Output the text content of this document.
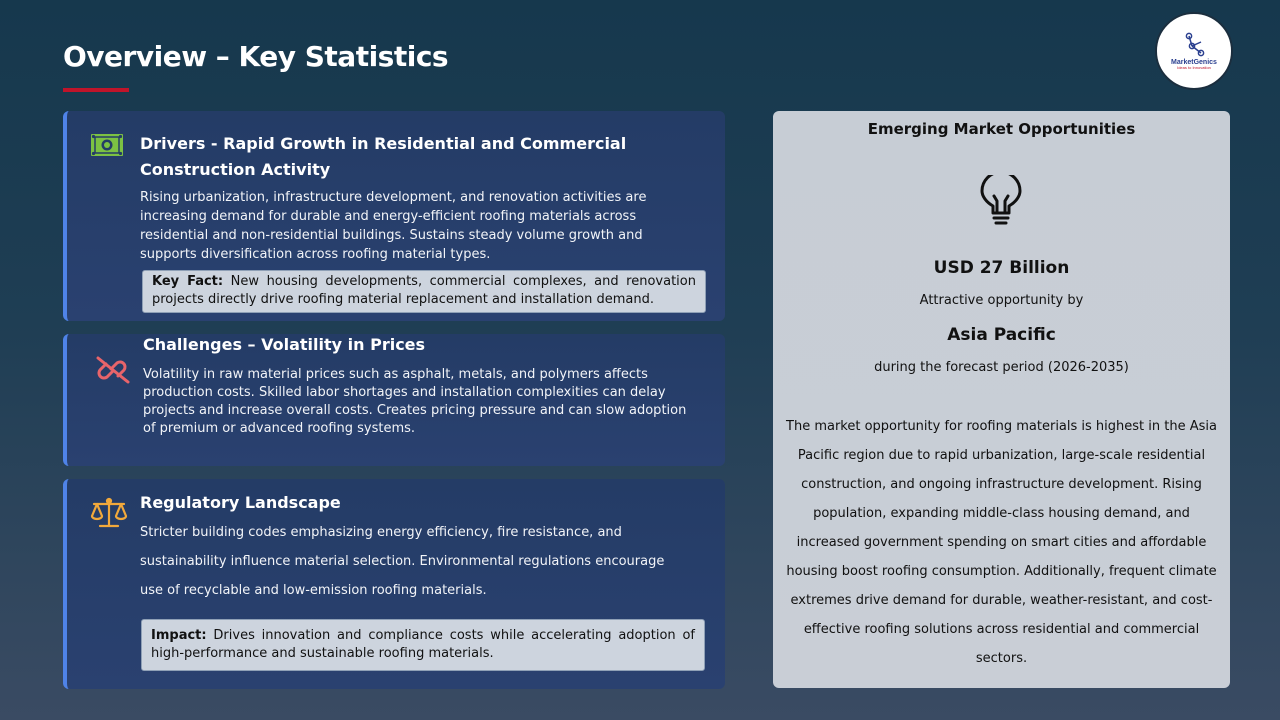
Overview – Key Statistics	MarketGenics
Ideas to Innovation
Drivers - Rapid Growth in Residential and Commercial Construction Activity

Rising urbanization, infrastructure development, and renovation activities are increasing demand for durable and energy-efficient roofing materials across residential and non-residential buildings. Sustains steady volume growth and supports diversification across roofing material types.

Key Fact: New housing developments, commercial complexes, and renovation projects directly drive roofing material replacement and installation demand.
Challenges – Volatility in Prices

Volatility in raw material prices such as asphalt, metals, and polymers affects production costs. Skilled labor shortages and installation complexities can delay projects and increase overall costs. Creates pricing pressure and can slow adoption of premium or advanced roofing systems.

Regulatory Landscape

Stricter building codes emphasizing energy efficiency, fire resistance, and sustainability influence material selection. Environmental regulations encourage use of recyclable and low-emission roofing materials.

Impact: Drives innovation and compliance costs while accelerating adoption of high-performance and sustainable roofing materials.
Emerging Market Opportunities
USD 27 Billion
Attractive opportunity by
Asia Pacific
during the forecast period (2026-2035)

The market opportunity for roofing materials is highest in the Asia Pacific region due to rapid urbanization, large-scale residential construction, and ongoing infrastructure development. Rising population, expanding middle-class housing demand, and increased government spending on smart cities and affordable housing boost roofing consumption. Additionally, frequent climate extremes drive demand for durable, weather-resistant, and cost-effective roofing solutions across residential and commercial sectors.
